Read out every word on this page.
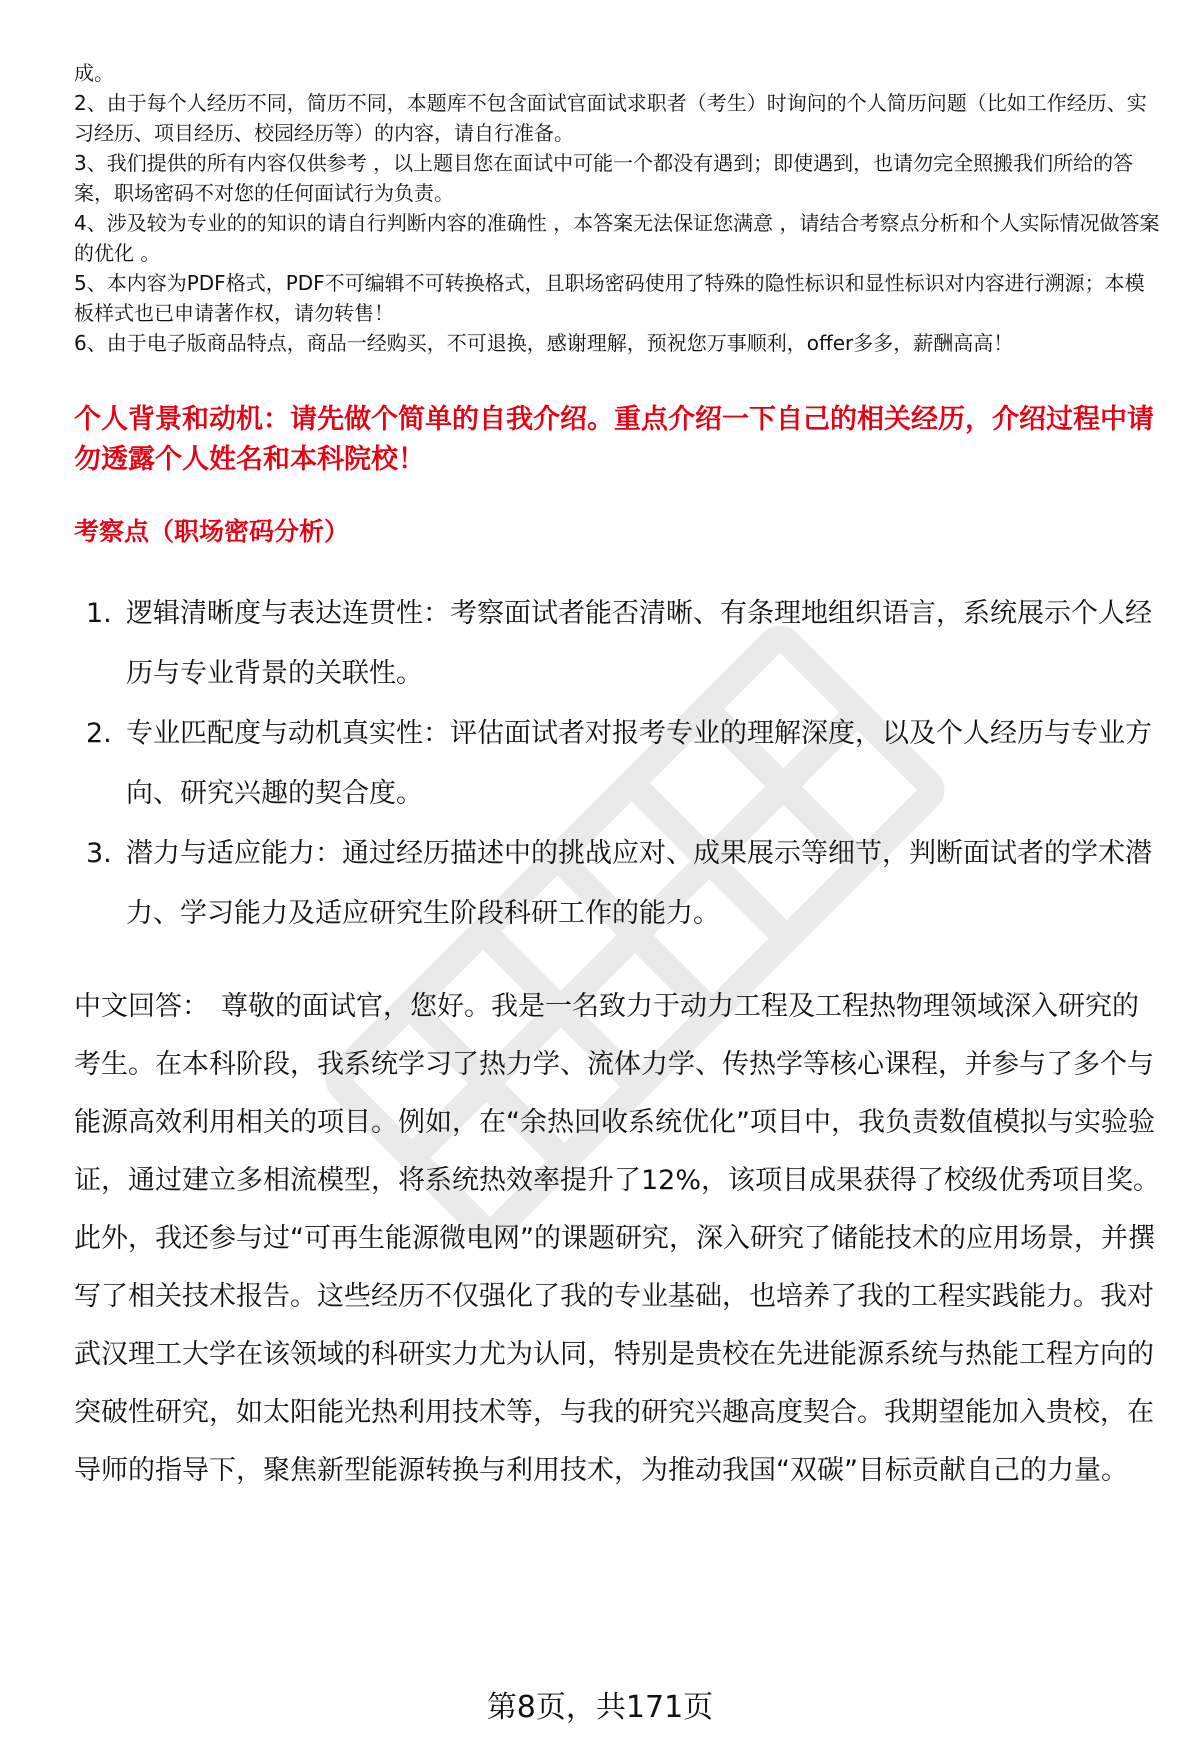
成。
2、由于每个人经历不同，简历不同，本题库不包含面试官面试求职者（考生）时询问的个人简历问题（比如工作经历、实习经历、项目经历、校园经历等）的内容，请自行准备。
3、我们提供的所有内容仅供参考 ，以上题目您在面试中可能一个都没有遇到；即使遇到，也请勿完全照搬我们所给的答案，职场密码不对您的任何面试行为负责。
4、涉及较为专业的的知识的请自行判断内容的准确性 ，本答案无法保证您满意 ，请结合考察点分析和个人实际情况做答案的优化 。
5、本内容为PDF格式，PDF不可编辑不可转换格式，且职场密码使用了特殊的隐性标识和显性标识对内容进行溯源；本模板样式也已申请著作权，请勿转售！
6、由于电子版商品特点，商品一经购买，不可退换，感谢理解，预祝您万事顺利，offer多多，薪酬高高！
个人背景和动机：请先做个简单的自我介绍。重点介绍一下自己的相关经历，介绍过程中请勿透露个人姓名和本科院校！
考察点（职场密码分析）
1. 逻辑清晰度与表达连贯性：考察面试者能否清晰、有条理地组织语言，系统展示个人经历与专业背景的关联性。
2. 专业匹配度与动机真实性：评估面试者对报考专业的理解深度，以及个人经历与专业方向、研究兴趣的契合度。
3. 潜力与适应能力：通过经历描述中的挑战应对、成果展示等细节，判断面试者的学术潜力、学习能力及适应研究生阶段科研工作的能力。
中文回答： 尊敬的面试官，您好。我是一名致力于动力工程及工程热物理领域深入研究的考生。在本科阶段，我系统学习了热力学、流体力学、传热学等核心课程，并参与了多个与能源高效利用相关的项目。例如，在“余热回收系统优化”项目中，我负责数值模拟与实验验证，通过建立多相流模型，将系统热效率提升了12%，该项目成果获得了校级优秀项目奖。此外，我还参与过“可再生能源微电网”的课题研究，深入研究了储能技术的应用场景，并撰写了相关技术报告。这些经历不仅强化了我的专业基础，也培养了我的工程实践能力。我对武汉理工大学在该领域的科研实力尤为认同，特别是贵校在先进能源系统与热能工程方向的突破性研究，如太阳能光热利用技术等，与我的研究兴趣高度契合。我期望能加入贵校，在导师的指导下，聚焦新型能源转换与利用技术，为推动我国“双碳”目标贡献自己的力量。
第8页，共171页
